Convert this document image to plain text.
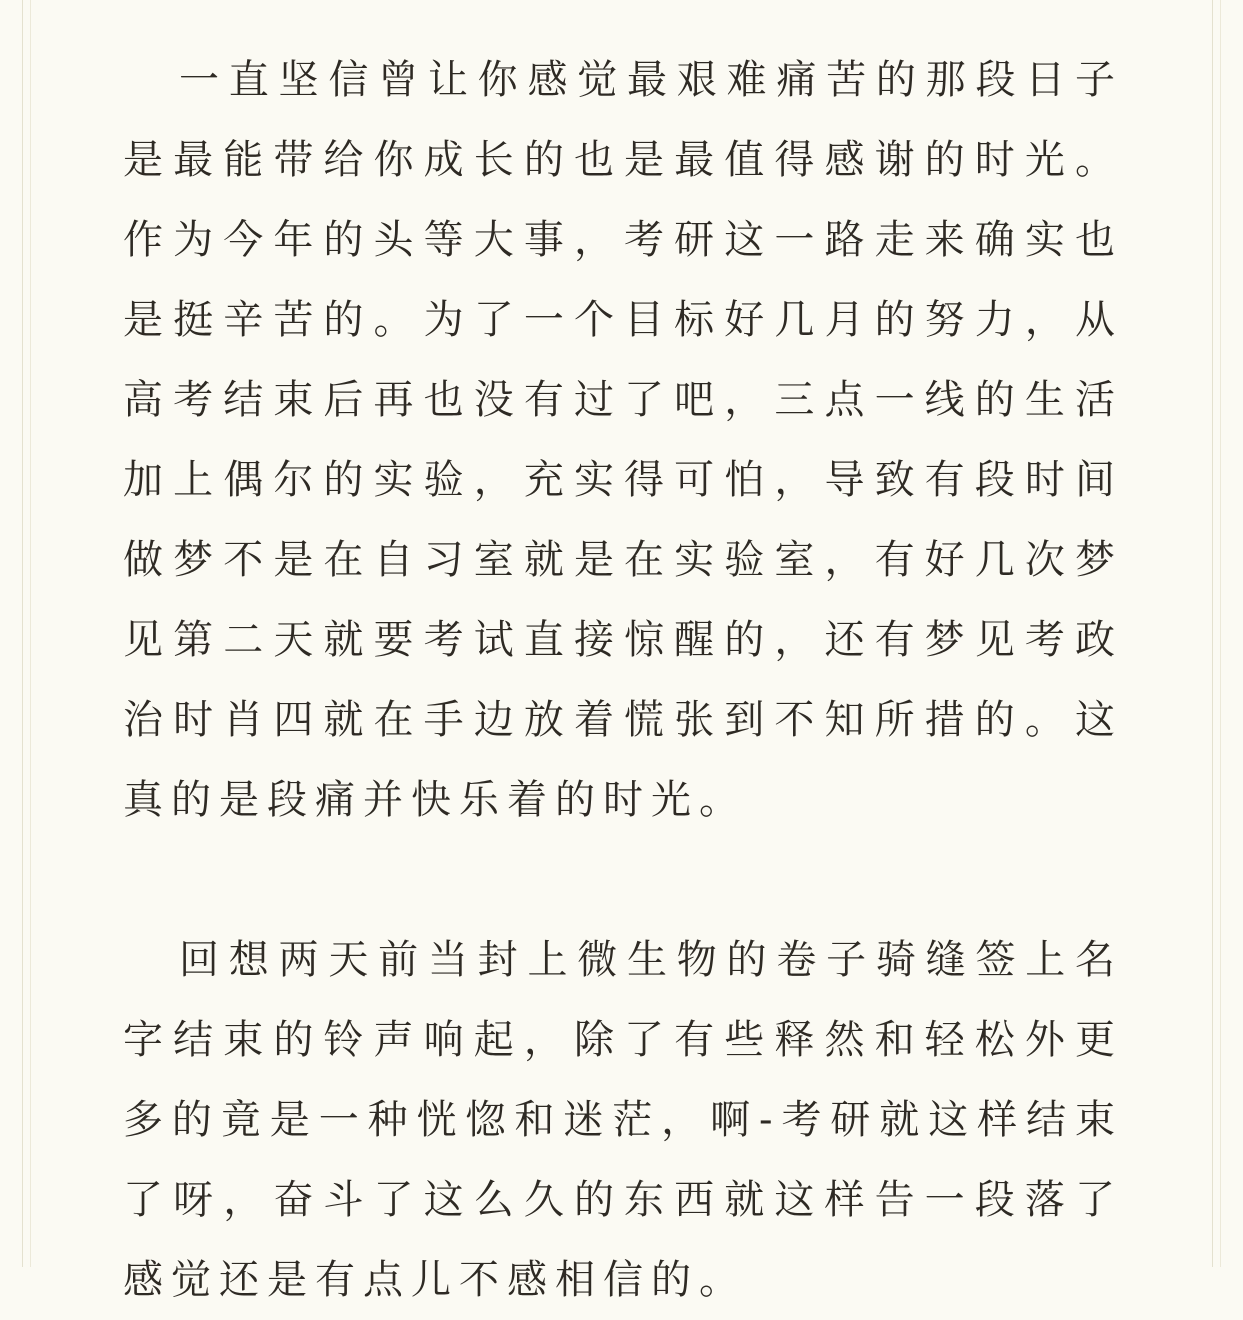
一直坚信曾让你感觉最艰难痛苦的那段日子是最能带给你成长的也是最值得感谢的时光。作为今年的头等大事，考研这一路走来确实也是挺辛苦的。为了一个目标好几月的努力，从高考结束后再也没有过了吧，三点一线的生活加上偶尔的实验，充实得可怕，导致有段时间做梦不是在自习室就是在实验室，有好几次梦见第二天就要考试直接惊醒的，还有梦见考政治时肖四就在手边放着慌张到不知所措的。这真的是段痛并快乐着的时光。

回想两天前当封上微生物的卷子骑缝签上名字结束的铃声响起，除了有些释然和轻松外更多的竟是一种恍惚和迷茫，啊-考研就这样结束了呀，奋斗了这么久的东西就这样告一段落了感觉还是有点儿不感相信的。
